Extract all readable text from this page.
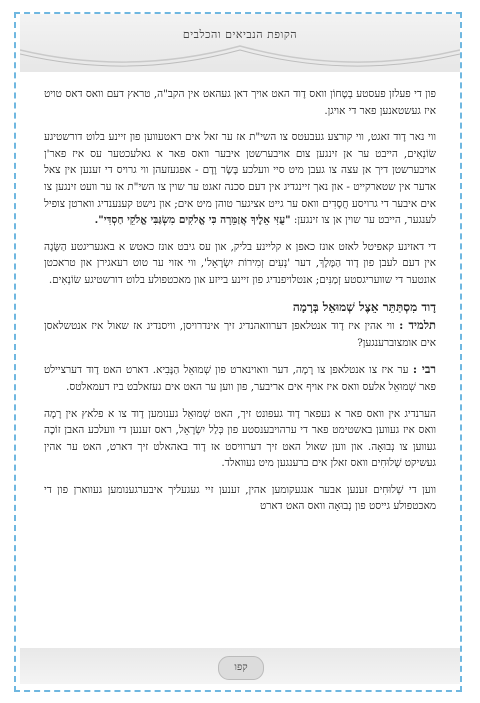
הקופת הנביאים והכלבים

פון די פעלזן פעסטע בְטָחוֹן וואס דָוד האט אויך דאן געהאט אין הקב"ה, טראץ דעם וואס דאס טויט איז געשטאנען פאר די אויגן.

ווי נאר דָוד זאגט, ווי קורצע געבעטס צו השי"ת אז ער זאל אים ראטעווען פון זיינע בלוט דורשטיגע שׂוֹנְאִים, הייבט ער אן זינגען צום אויבערשטן איבער וואס פאר א גאלעכטער עס איז פאר'ן אויבערשטן דיך אן עצה צו געבן מיט סיי וועלכע בָּשָׂר וָדָם - אפגעזעהן ווי גרויס די זענען אין צאל אדער אין שטארקייט - און נאך זיינגדיג אין דעם סכנה זאגט ער שוין צו השי"ת אז ער וועט זינגען צו אים איבער די גרויסע חֲסָדִים וואס ער גייט אציגער טוהן מיט אים; און נישט קענענדיג ווארטן צופיל לענגער, הייבט ער שוין אן צו זינגען: "עֻזִּי אֵלֶיךָ אֲזַמֵּרָה כִּי אֱלֹקִים מִשְׂגַּבִּי אֱלֹקֵי חַסְדִּי".

די דאזיגע קאפיטל לאזט אונז כאפן א קליינע בליק, און עס גיבט אונז כאטש א באגעריגטע הַשָּׂגָה אין דעם לעבן פון דָוד הַמֶּלֶךְ, דער 'נְעִים זְמִירוֹת יִשְׂרָאֵל', ווי אזוי ער טוט רעאגירן און טראכטן אונטער די שוועריגסטע זְמַנִּים; אנטלויפנדיג פון זיינע בייזע און מאכטפולע בלוט דורשטיגע שׂוֹנְאִים.

דָוד מִסְתַּתֵּר אֵצֶל שְׁמוּאֵל בְּרָמָה

תלמיד : ווי אהין איז דָוד אנטלאפן דערוואהנדיג זיך אינדרויסן, וויסנדיג אז שאול איז אנטשלאסן אים אומצוברענגען?

רבי : ער איז צו אנטלאפן צו רָמָה, דער וואוינארט פון שְׁמוּאֵל הַנָּבִיא. דארט האט דָוד דערציילט פאר שְׁמוּאֵל אלעס וואס איז אויף אים אריבער, פון ווען ער האט אים געזאלבט ביז דעמאלטס.

הערנדיג אין וואס פאר א געפאר דָוד געפונט זיך, האט שְׁמוּאֵל גענומען דָוד צו א פלאץ אין רָמָה וואס איז געווען באשטימט פאר די ערהויבענסטע פון כְּלַל יִשְׂרָאֵל, ראס זענען די וועלכע האבן זוֹכֶה געווען צו נְבוּאָה. און ווען שאול האט זיך דערוויסט אז דָוד באהאלט זיך דארט, האט ער אהין געשיקט שְׁלוּחִים וואס זאלן אים ברענגען מיט געוואלד.

ווען די שְׁלוּחִים זענען אבער אנגעקומען אהין, זענען זיי געגעליך איבערגענומען געווארן פון די מאכטפולע גייסט פון נְבוּאָה וואס האט דארט

קפו
